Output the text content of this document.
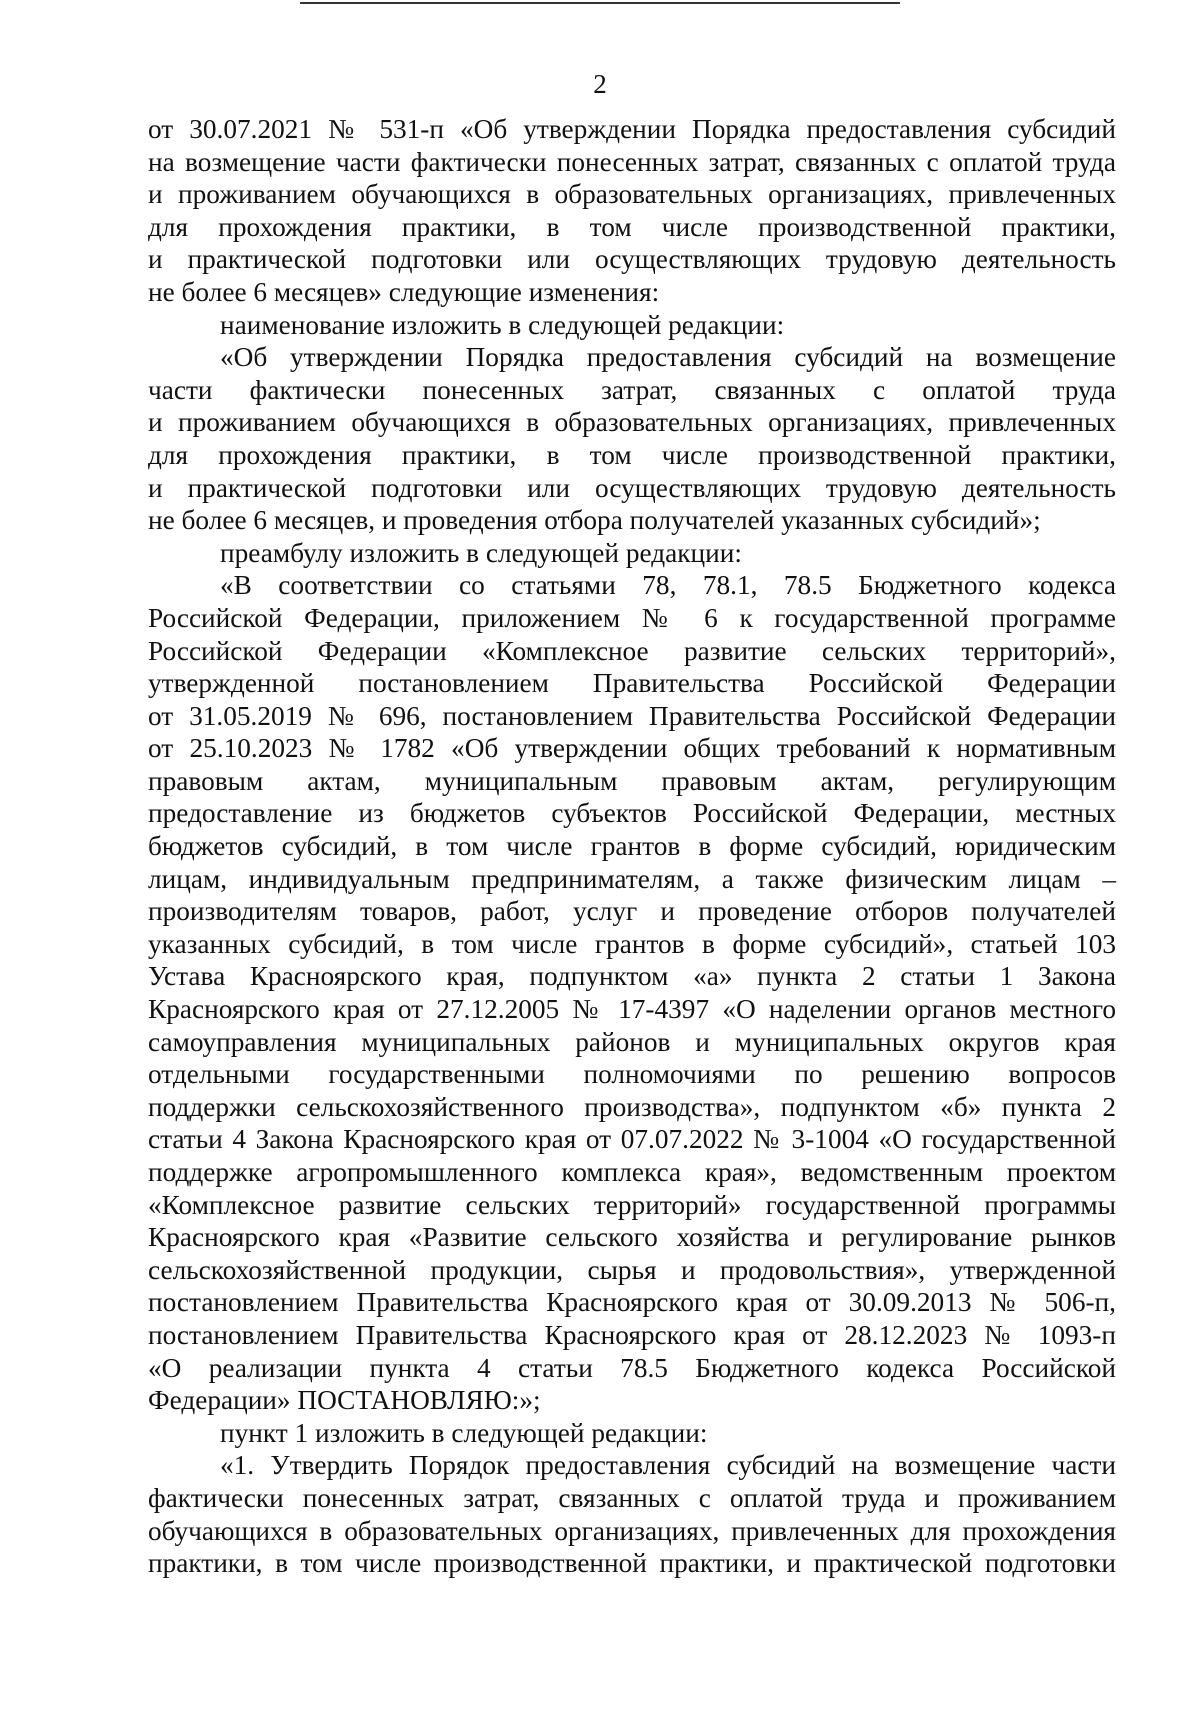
2

от 30.07.2021 № 531-п «Об утверждении Порядка предоставления субсидий

на возмещение части фактически понесенных затрат, связанных с оплатой труда

и проживанием обучающихся в образовательных организациях, привлеченных

для прохождения практики, в том числе производственной практики,

и практической подготовки или осуществляющих трудовую деятельность

не более 6 месяцев» следующие изменения:

наименование изложить в следующей редакции:

«Об утверждении Порядка предоставления субсидий на возмещение

части фактически понесенных затрат, связанных с оплатой труда

и проживанием обучающихся в образовательных организациях, привлеченных

для прохождения практики, в том числе производственной практики,

и практической подготовки или осуществляющих трудовую деятельность

не более 6 месяцев, и проведения отбора получателей указанных субсидий»;

преамбулу изложить в следующей редакции:

«В соответствии со статьями 78, 78.1, 78.5 Бюджетного кодекса

Российской Федерации, приложением № 6 к государственной программе

Российской Федерации «Комплексное развитие сельских территорий»,

утвержденной постановлением Правительства Российской Федерации

от 31.05.2019 № 696, постановлением Правительства Российской Федерации

от 25.10.2023 № 1782 «Об утверждении общих требований к нормативным

правовым актам, муниципальным правовым актам, регулирующим

предоставление из бюджетов субъектов Российской Федерации, местных

бюджетов субсидий, в том числе грантов в форме субсидий, юридическим

лицам, индивидуальным предпринимателям, а также физическим лицам –

производителям товаров, работ, услуг и проведение отборов получателей

указанных субсидий, в том числе грантов в форме субсидий», статьей 103

Устава Красноярского края, подпунктом «а» пункта 2 статьи 1 Закона

Красноярского края от 27.12.2005 № 17-4397 «О наделении органов местного

самоуправления муниципальных районов и муниципальных округов края

отдельными государственными полномочиями по решению вопросов

поддержки сельскохозяйственного производства», подпунктом «б» пункта 2

статьи 4 Закона Красноярского края от 07.07.2022 № 3-1004 «О государственной

поддержке агропромышленного комплекса края», ведомственным проектом

«Комплексное развитие сельских территорий» государственной программы

Красноярского края «Развитие сельского хозяйства и регулирование рынков

сельскохозяйственной продукции, сырья и продовольствия», утвержденной

постановлением Правительства Красноярского края от 30.09.2013 № 506-п,

постановлением Правительства Красноярского края от 28.12.2023 № 1093-п

«О реализации пункта 4 статьи 78.5 Бюджетного кодекса Российской

Федерации» ПОСТАНОВЛЯЮ:»;

пункт 1 изложить в следующей редакции:

«1. Утвердить Порядок предоставления субсидий на возмещение части

фактически понесенных затрат, связанных с оплатой труда и проживанием

обучающихся в образовательных организациях, привлеченных для прохождения

практики, в том числе производственной практики, и практической подготовки
